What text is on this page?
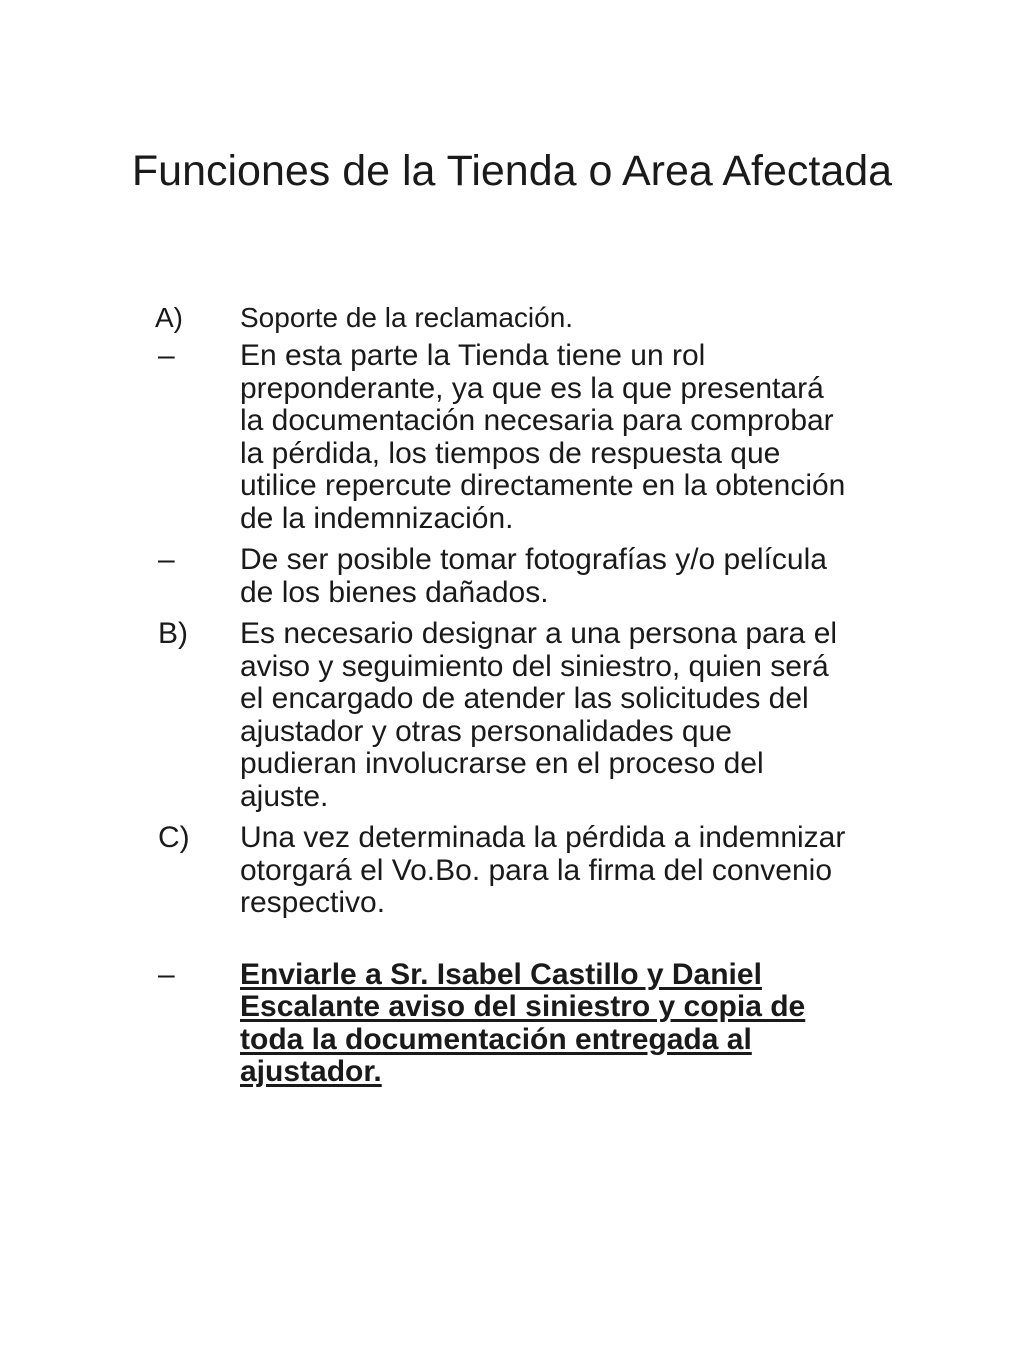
Funciones de la Tienda o Area Afectada
A)	Soporte de la reclamación.
–	En esta parte la Tienda tiene un rol
preponderante, ya que es la que presentará
la documentación necesaria para comprobar
la pérdida, los tiempos de respuesta que
utilice repercute directamente en la obtención
de la indemnización.
–	De ser posible tomar fotografías y/o película
de los bienes dañados.
B)	Es necesario designar a una persona para el
aviso y seguimiento del siniestro, quien será
el encargado de atender las solicitudes del
ajustador y otras personalidades que
pudieran involucrarse en el proceso del
ajuste.
C)	Una vez determinada la pérdida a indemnizar
otorgará el Vo.Bo. para la firma del convenio
respectivo.
–	Enviarle a Sr. Isabel Castillo y Daniel
Escalante aviso del siniestro y copia de
toda la documentación entregada al
ajustador.
